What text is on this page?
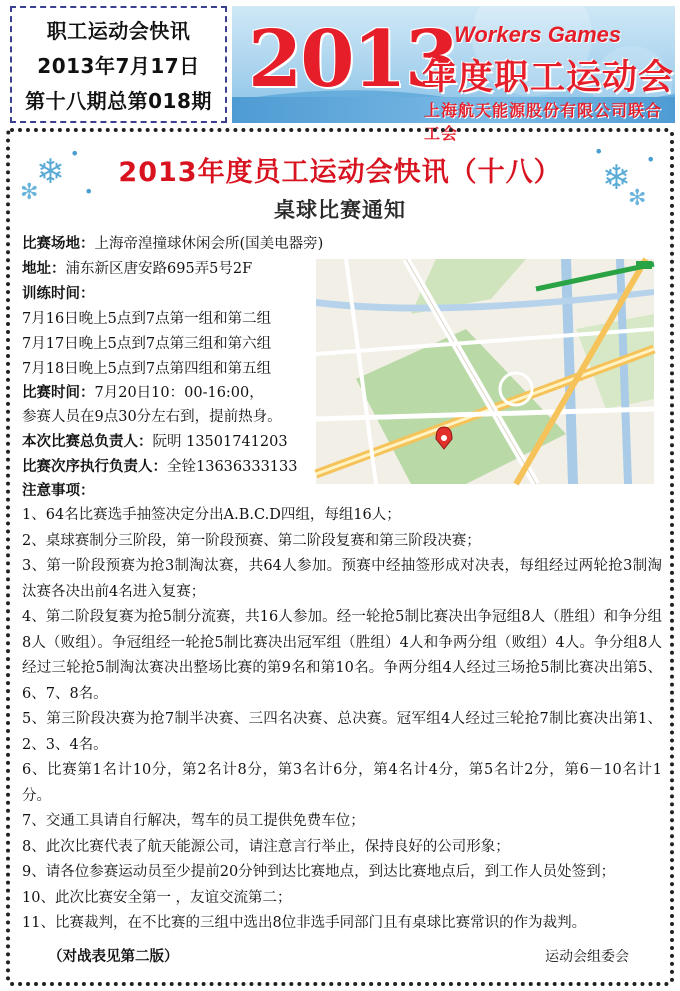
职工运动会快讯
2013年7月17日
第十八期总第018期 2013
Workers Games
年度职工运动会
上海航天能源股份有限公司联合工会
❄ •
✻	•	❄
✻
•	•
2013年度员工运动会快讯（十八）
桌球比赛通知
比赛场地：上海帝湟撞球休闲会所(国美电器旁)
地址：浦东新区唐安路695弄5号2F
训练时间：
7月16日晚上5点到7点第一组和第二组
7月17日晚上5点到7点第三组和第六组
7月18日晚上5点到7点第四组和第五组
比赛时间：7月20日10：00-16:00，
参赛人员在9点30分左右到，提前热身。
本次比赛总负责人：阮明 13501741203
比赛次序执行负责人：全铨13636333133
注意事项：
1、64名比赛选手抽签决定分出A.B.C.D四组，每组16人；
2、桌球赛制分三阶段，第一阶段预赛、第二阶段复赛和第三阶段决赛；
3、第一阶段预赛为抢3制淘汰赛，共64人参加。预赛中经抽签形成对决表，每组经过两轮抢3制淘汰赛各决出前4名进入复赛；
4、第二阶段复赛为抢5制分流赛，共16人参加。经一轮抢5制比赛决出争冠组8人（胜组）和争分组8人（败组）。争冠组经一轮抢5制比赛决出冠军组（胜组）4人和争两分组（败组）4人。争分组8人经过三轮抢5制淘汰赛决出整场比赛的第9名和第10名。争两分组4人经过三场抢5制比赛决出第5、6、7、8名。
5、第三阶段决赛为抢7制半决赛、三四名决赛、总决赛。冠军组4人经过三轮抢7制比赛决出第1、2、3、4名。
6、比赛第1名计10分，第2名计8分，第3名计6分，第4名计4分，第5名计2分，第6－10名计1分。
7、交通工具请自行解决，驾车的员工提供免费车位；
8、此次比赛代表了航天能源公司，请注意言行举止，保持良好的公司形象；
9、请各位参赛运动员至少提前20分钟到达比赛地点，到达比赛地点后，到工作人员处签到；
10、此次比赛安全第一 ，友谊交流第二；
11、比赛裁判，在不比赛的三组中选出8位非选手同部门且有桌球比赛常识的作为裁判。
（对战表见第二版）	运动会组委会
